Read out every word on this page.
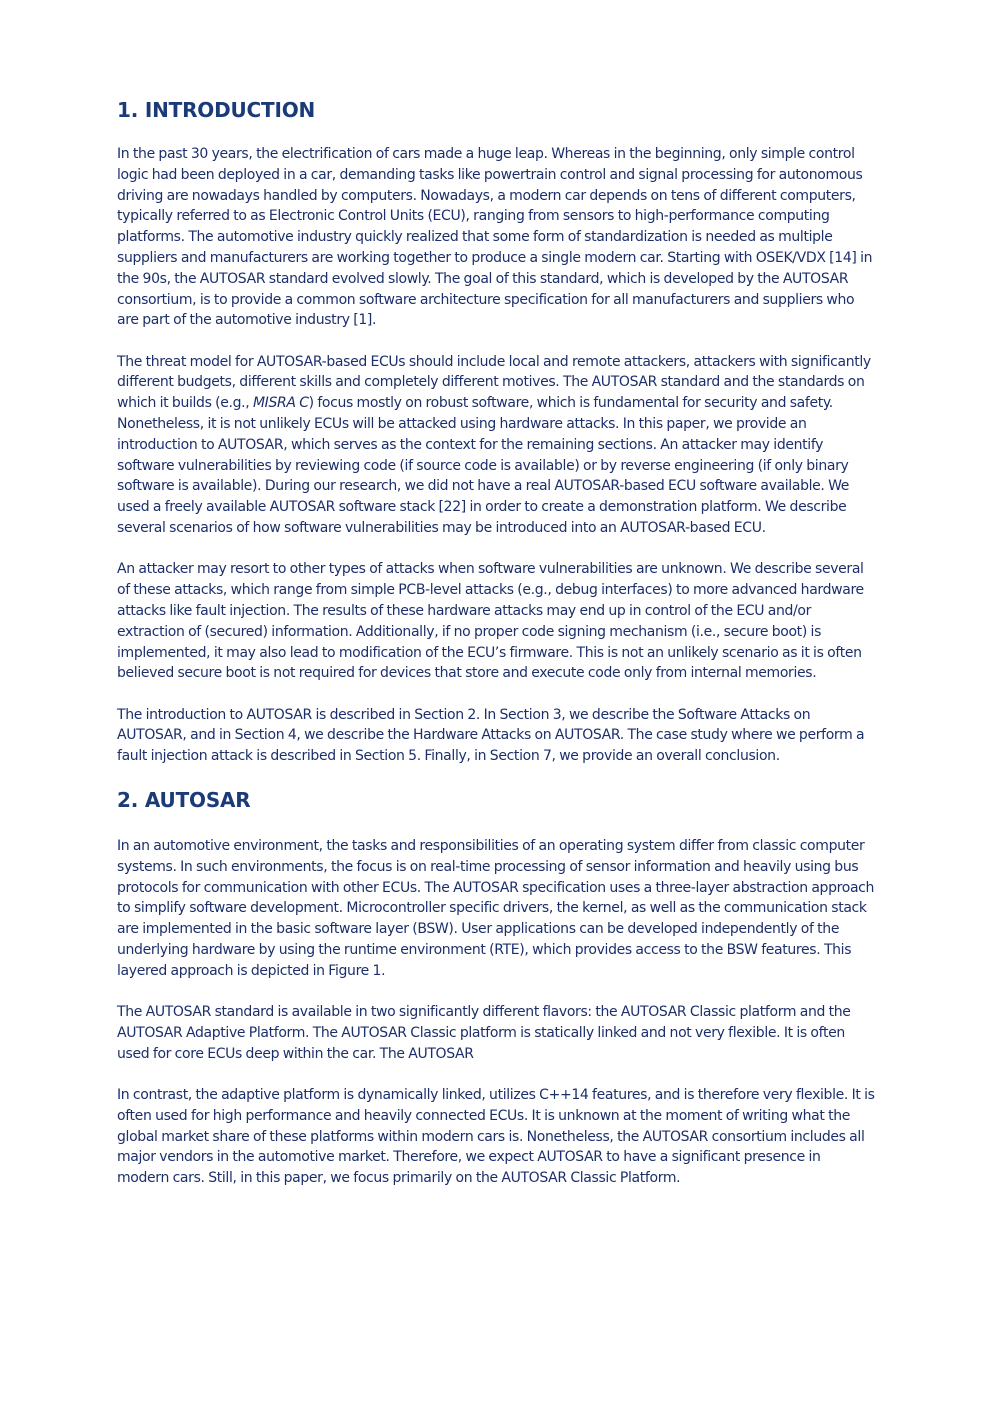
1. INTRODUCTION

In the past 30 years, the electrification of cars made a huge leap. Whereas in the beginning, only simple control logic had been deployed in a car, demanding tasks like powertrain control and signal processing for autonomous driving are nowadays handled by computers. Nowadays, a modern car depends on tens of different computers, typically referred to as Electronic Control Units (ECU), ranging from sensors to high-performance computing platforms. The automotive industry quickly realized that some form of standardization is needed as multiple suppliers and manufacturers are working together to produce a single modern car. Starting with OSEK/VDX [14] in the 90s, the AUTOSAR standard evolved slowly. The goal of this standard, which is developed by the AUTOSAR consortium, is to provide a common software architecture specification for all manufacturers and suppliers who are part of the automotive industry [1].

The threat model for AUTOSAR-based ECUs should include local and remote attackers, attackers with significantly different budgets, different skills and completely different motives. The AUTOSAR standard and the standards on which it builds (e.g., MISRA C) focus mostly on robust software, which is fundamental for security and safety. Nonetheless, it is not unlikely ECUs will be attacked using hardware attacks. In this paper, we provide an introduction to AUTOSAR, which serves as the context for the remaining sections. An attacker may identify software vulnerabilities by reviewing code (if source code is available) or by reverse engineering (if only binary software is available). During our research, we did not have a real AUTOSAR-based ECU software available. We used a freely available AUTOSAR software stack [22] in order to create a demonstration platform. We describe several scenarios of how software vulnerabilities may be introduced into an AUTOSAR-based ECU.

An attacker may resort to other types of attacks when software vulnerabilities are unknown. We describe several of these attacks, which range from simple PCB-level attacks (e.g., debug interfaces) to more advanced hardware attacks like fault injection. The results of these hardware attacks may end up in control of the ECU and/or extraction of (secured) information. Additionally, if no proper code signing mechanism (i.e., secure boot) is implemented, it may also lead to modification of the ECU’s firmware. This is not an unlikely scenario as it is often believed secure boot is not required for devices that store and execute code only from internal memories.

The introduction to AUTOSAR is described in Section 2. In Section 3, we describe the Software Attacks on AUTOSAR, and in Section 4, we describe the Hardware Attacks on AUTOSAR. The case study where we perform a fault injection attack is described in Section 5. Finally, in Section 7, we provide an overall conclusion.

2. AUTOSAR

In an automotive environment, the tasks and responsibilities of an operating system differ from classic computer systems. In such environments, the focus is on real-time processing of sensor information and heavily using bus protocols for communication with other ECUs. The AUTOSAR specification uses a three-layer abstraction approach to simplify software development. Microcontroller specific drivers, the kernel, as well as the communication stack are implemented in the basic software layer (BSW). User applications can be developed independently of the underlying hardware by using the runtime environment (RTE), which provides access to the BSW features. This layered approach is depicted in Figure 1.

The AUTOSAR standard is available in two significantly different flavors: the AUTOSAR Classic platform and the AUTOSAR Adaptive Platform. The AUTOSAR Classic platform is statically linked and not very flexible. It is often used for core ECUs deep within the car. The AUTOSAR

In contrast, the adaptive platform is dynamically linked, utilizes C++14 features, and is therefore very flexible. It is often used for high performance and heavily connected ECUs. It is unknown at the moment of writing what the global market share of these platforms within modern cars is. Nonetheless, the AUTOSAR consortium includes all major vendors in the automotive market. Therefore, we expect AUTOSAR to have a significant presence in modern cars. Still, in this paper, we focus primarily on the AUTOSAR Classic Platform.
